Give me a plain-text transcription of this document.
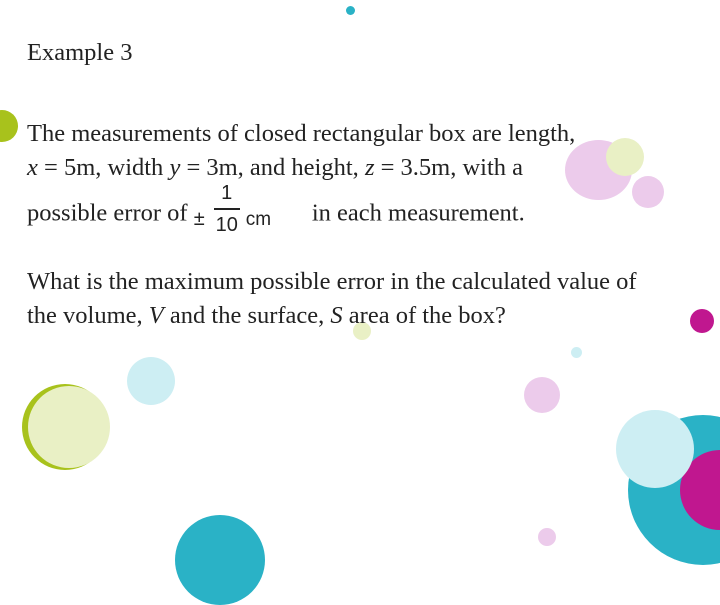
Example 3
The measurements of closed rectangular box are length,
x = 5m, width y = 3m, and height, z = 3.5m, with a
possible error of ±
1
10 cm in each measurement.
What is the maximum possible error in the calculated value of the volume, V and the surface, S area of the box?
